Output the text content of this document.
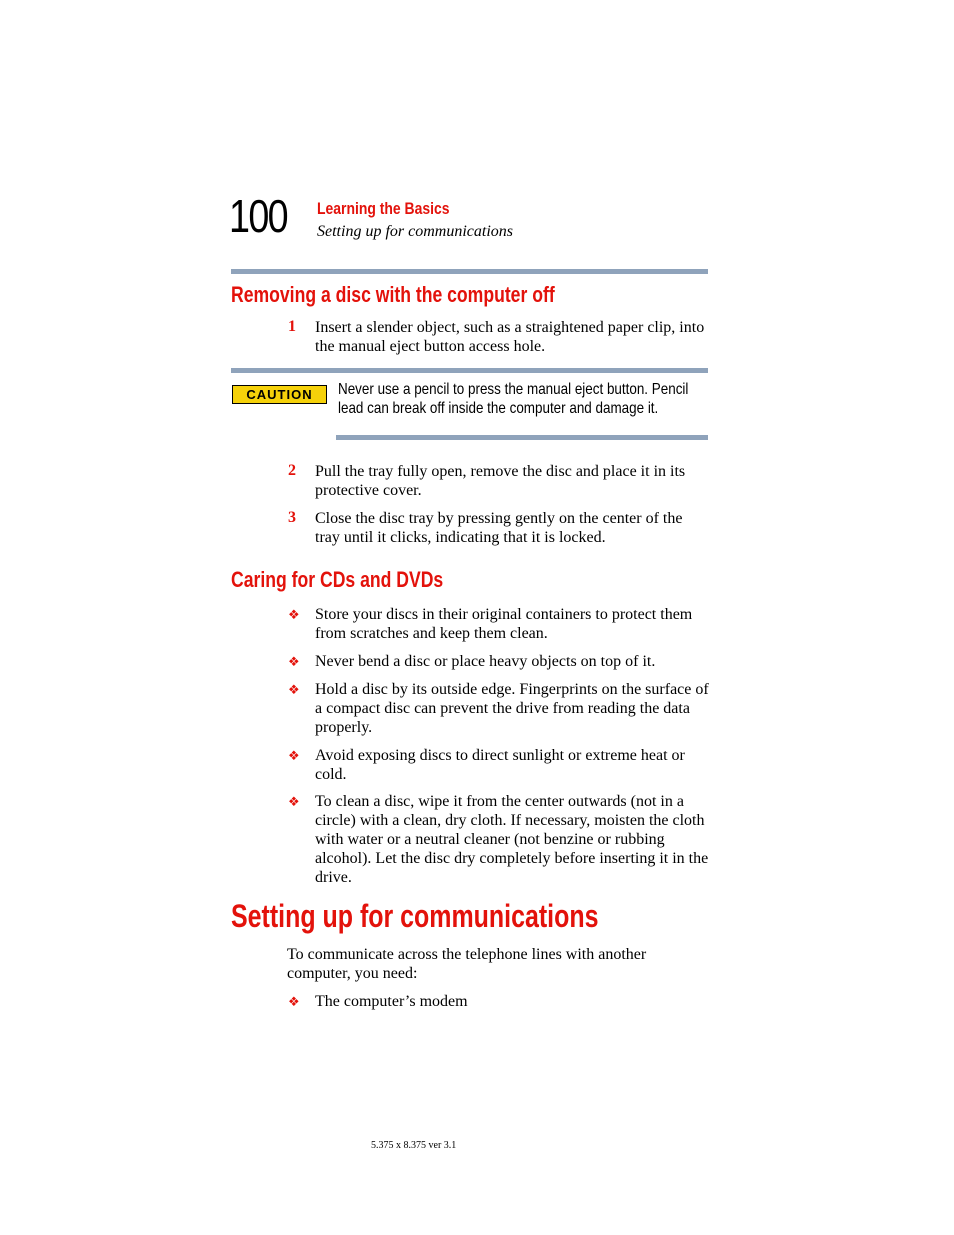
100 Learning the Basics
Setting up for communications
Removing a disc with the computer off
1 Insert a slender object, such as a straightened paper clip, into the manual eject button access hole.
CAUTION	Never use a pencil to press the manual eject button. Pencil lead can break off inside the computer and damage it.
2 Pull the tray fully open, remove the disc and place it in its protective cover.
3 Close the disc tray by pressing gently on the center of the tray until it clicks, indicating that it is locked.
Caring for CDs and DVDs
❖ Store your discs in their original containers to protect them from scratches and keep them clean.
❖ Never bend a disc or place heavy objects on top of it.
❖ Hold a disc by its outside edge. Fingerprints on the surface of a compact disc can prevent the drive from reading the data properly.
❖ Avoid exposing discs to direct sunlight or extreme heat or cold.
❖ To clean a disc, wipe it from the center outwards (not in a circle) with a clean, dry cloth. If necessary, moisten the cloth with water or a neutral cleaner (not benzine or rubbing alcohol). Let the disc dry completely before inserting it in the drive.
Setting up for communications
To communicate across the telephone lines with another computer, you need:
❖ The computer’s modem
5.375 x 8.375 ver 3.1
